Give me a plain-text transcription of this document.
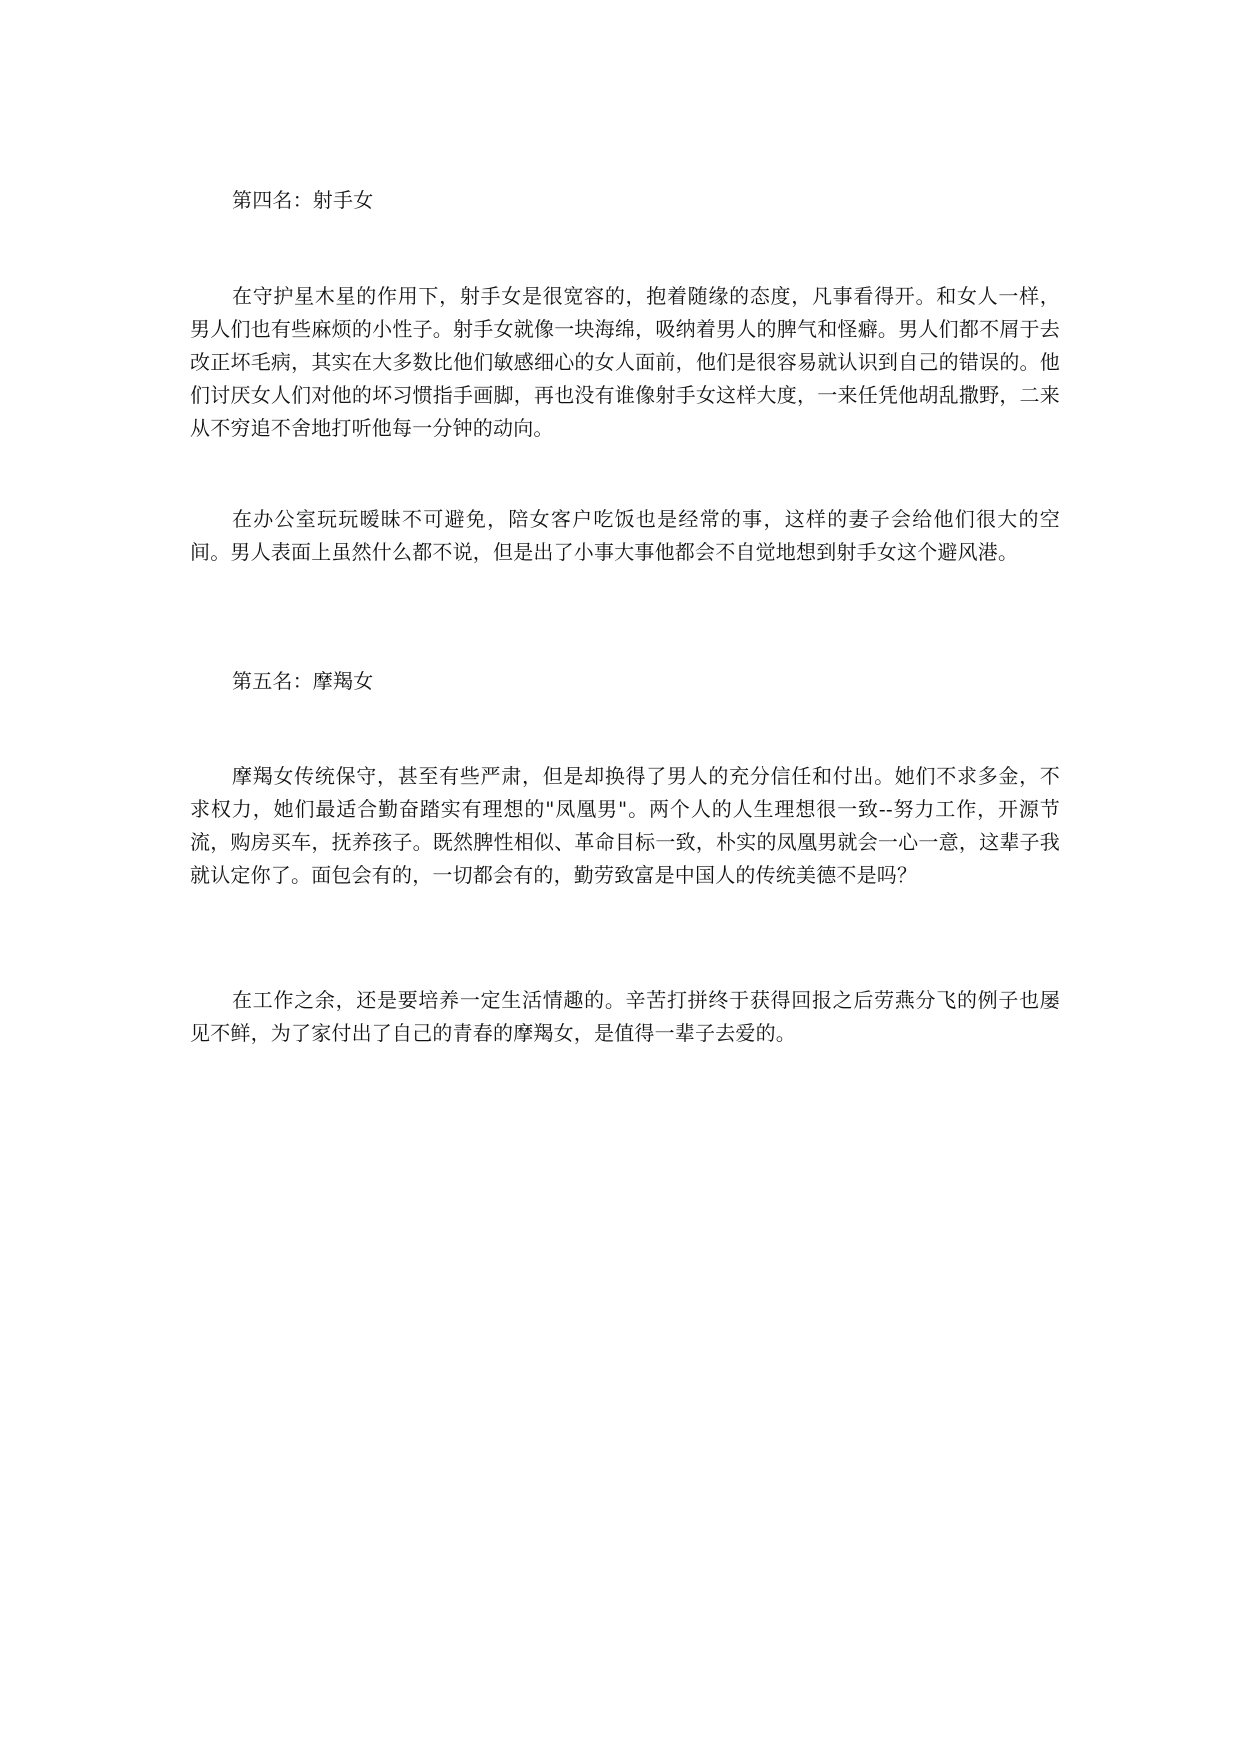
第四名：射手女

在守护星木星的作用下，射手女是很宽容的，抱着随缘的态度，凡事看得开。和女人一样，男人们也有些麻烦的小性子。射手女就像一块海绵，吸纳着男人的脾气和怪癖。男人们都不屑于去改正坏毛病，其实在大多数比他们敏感细心的女人面前，他们是很容易就认识到自己的错误的。他们讨厌女人们对他的坏习惯指手画脚，再也没有谁像射手女这样大度，一来任凭他胡乱撒野，二来从不穷追不舍地打听他每一分钟的动向。

在办公室玩玩暧昧不可避免，陪女客户吃饭也是经常的事，这样的妻子会给他们很大的空间。男人表面上虽然什么都不说，但是出了小事大事他都会不自觉地想到射手女这个避风港。

第五名：摩羯女

摩羯女传统保守，甚至有些严肃，但是却换得了男人的充分信任和付出。她们不求多金，不求权力，她们最适合勤奋踏实有理想的"凤凰男"。两个人的人生理想很一致--努力工作，开源节流，购房买车，抚养孩子。既然脾性相似、革命目标一致，朴实的凤凰男就会一心一意，这辈子我就认定你了。面包会有的，一切都会有的，勤劳致富是中国人的传统美德不是吗？

在工作之余，还是要培养一定生活情趣的。辛苦打拼终于获得回报之后劳燕分飞的例子也屡见不鲜，为了家付出了自己的青春的摩羯女，是值得一辈子去爱的。
